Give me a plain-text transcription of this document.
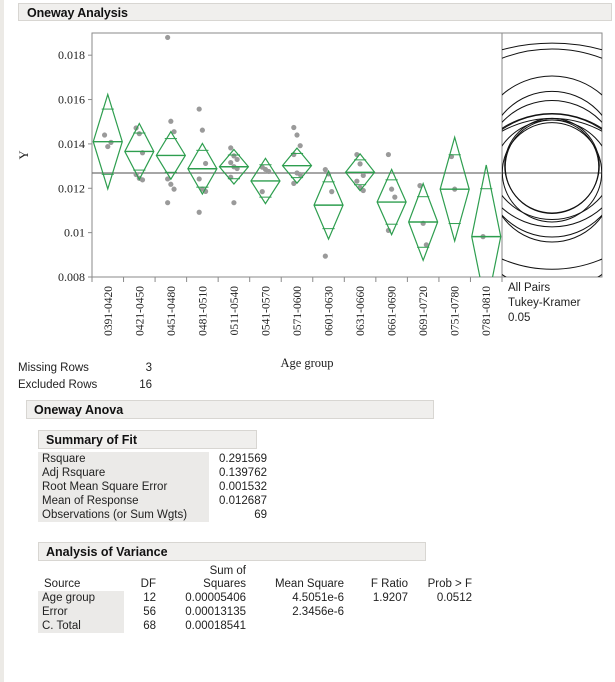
Oneway Analysis
0.008
0.01
0.012
0.014
0.016
0.018
Y
0391-0420 0421-0450 0451-0480 0481-0510 0511-0540 0541-0570 0571-0600 0601-0630 0631-0660 0661-0690 0691-0720 0751-0780 0781-0810
Age group
All Pairs
Tukey-Kramer
0.05
Missing Rows	3
Excluded Rows	16
Oneway Anova
Summary of Fit
Rsquare	0.291569
Adj Rsquare	0.139762
Root Mean Square Error	0.001532
Mean of Response	0.012687
Observations (or Sum Wgts)	69
Analysis of Variance
		Sum of			
Source	DF	Squares	Mean Square	F Ratio	Prob > F
Age group	12	0.00005406	4.5051e-6	1.9207	0.0512
Error	56	0.00013135	2.3456e-6		
C. Total	68	0.00018541			
